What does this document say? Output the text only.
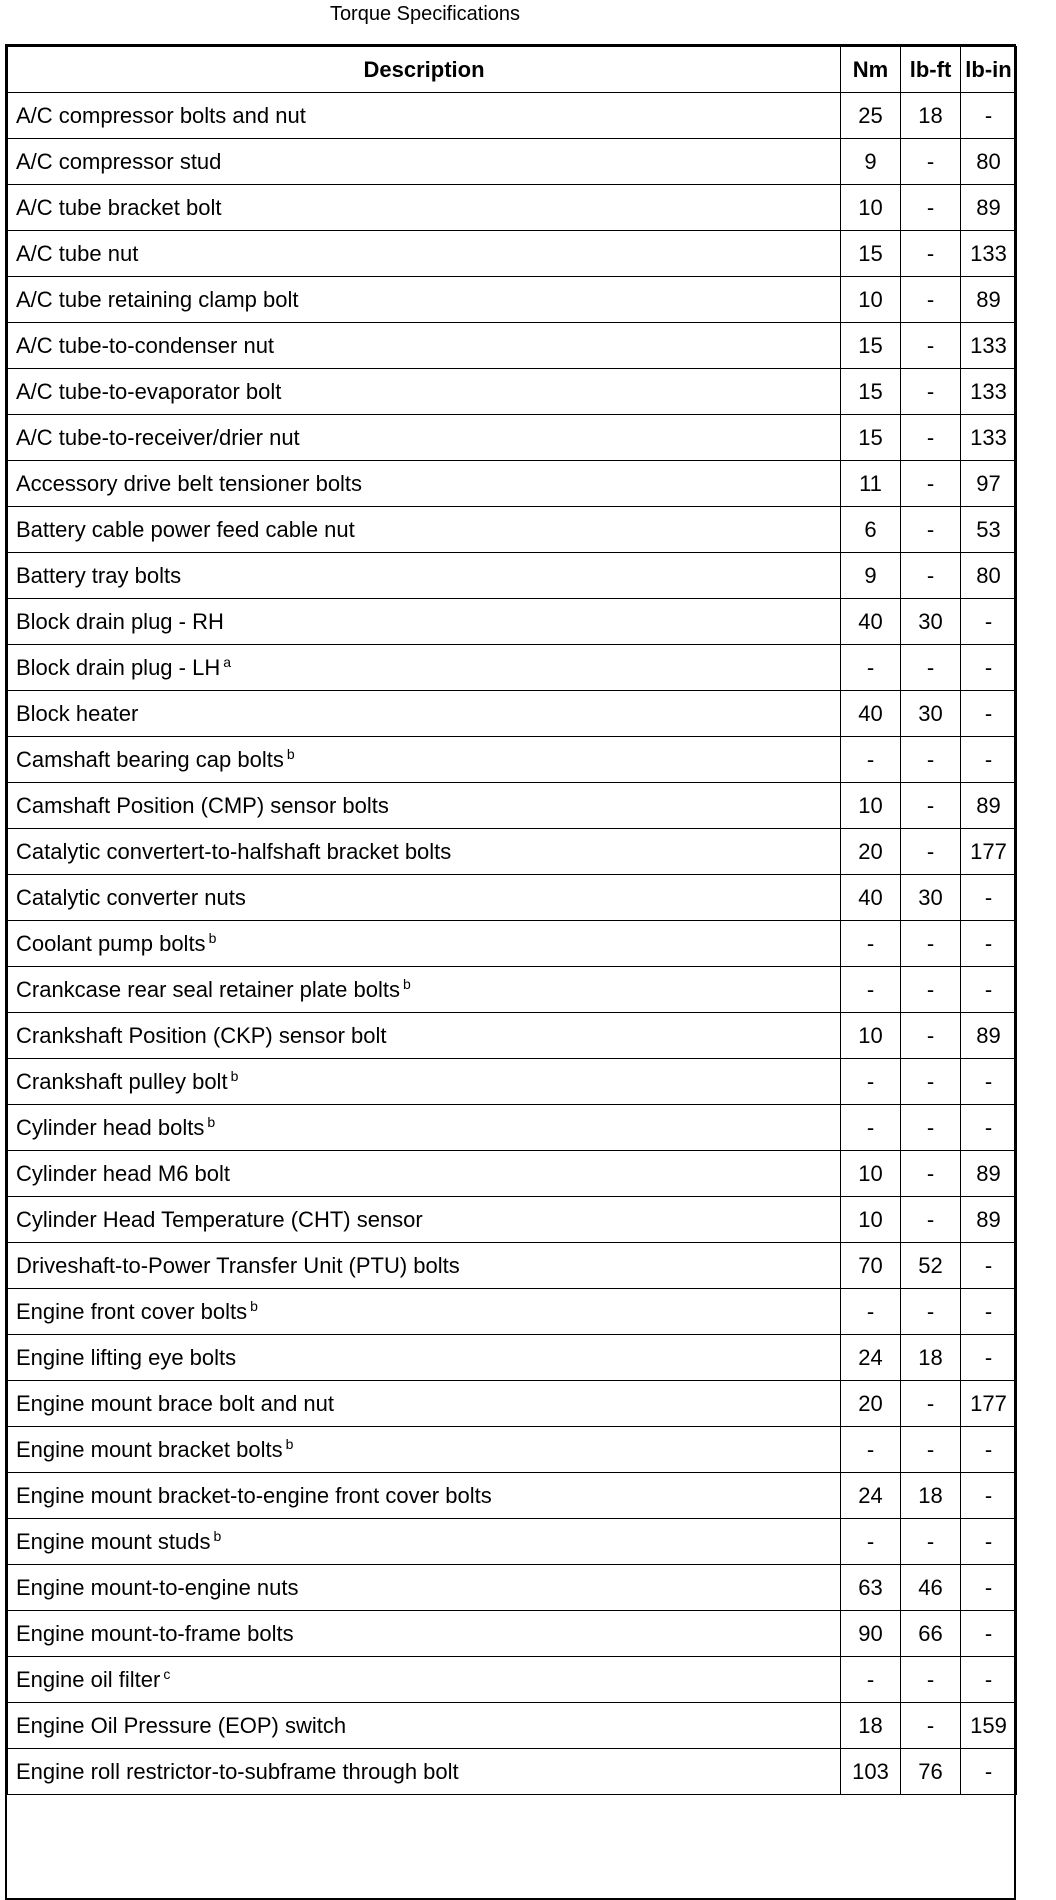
Torque Specifications
Description	Nm	lb-ft	lb-in
A/C compressor bolts and nut	25	18	-
A/C compressor stud	9	-	80
A/C tube bracket bolt	10	-	89
A/C tube nut	15	-	133
A/C tube retaining clamp bolt	10	-	89
A/C tube-to-condenser nut	15	-	133
A/C tube-to-evaporator bolt	15	-	133
A/C tube-to-receiver/drier nut	15	-	133
Accessory drive belt tensioner bolts	11	-	97
Battery cable power feed cable nut	6	-	53
Battery tray bolts	9	-	80
Block drain plug - RH	40	30	-
Block drain plug - LH $^a$	-	-	-
Block heater	40	30	-
Camshaft bearing cap bolts $^b$	-	-	-
Camshaft Position (CMP) sensor bolts	10	-	89
Catalytic convertert-to-halfshaft bracket bolts	20	-	177
Catalytic converter nuts	40	30	-
Coolant pump bolts $^b$	-	-	-
Crankcase rear seal retainer plate bolts $^b$	-	-	-
Crankshaft Position (CKP) sensor bolt	10	-	89
Crankshaft pulley bolt $^b$	-	-	-
Cylinder head bolts $^b$	-	-	-
Cylinder head M6 bolt	10	-	89
Cylinder Head Temperature (CHT) sensor	10	-	89
Driveshaft-to-Power Transfer Unit (PTU) bolts	70	52	-
Engine front cover bolts $^b$	-	-	-
Engine lifting eye bolts	24	18	-
Engine mount brace bolt and nut	20	-	177
Engine mount bracket bolts $^b$	-	-	-
Engine mount bracket-to-engine front cover bolts	24	18	-
Engine mount studs $^b$	-	-	-
Engine mount-to-engine nuts	63	46	-
Engine mount-to-frame bolts	90	66	-
Engine oil filter $^c$	-	-	-
Engine Oil Pressure (EOP) switch	18	-	159
Engine roll restrictor-to-subframe through bolt	103	76	-
